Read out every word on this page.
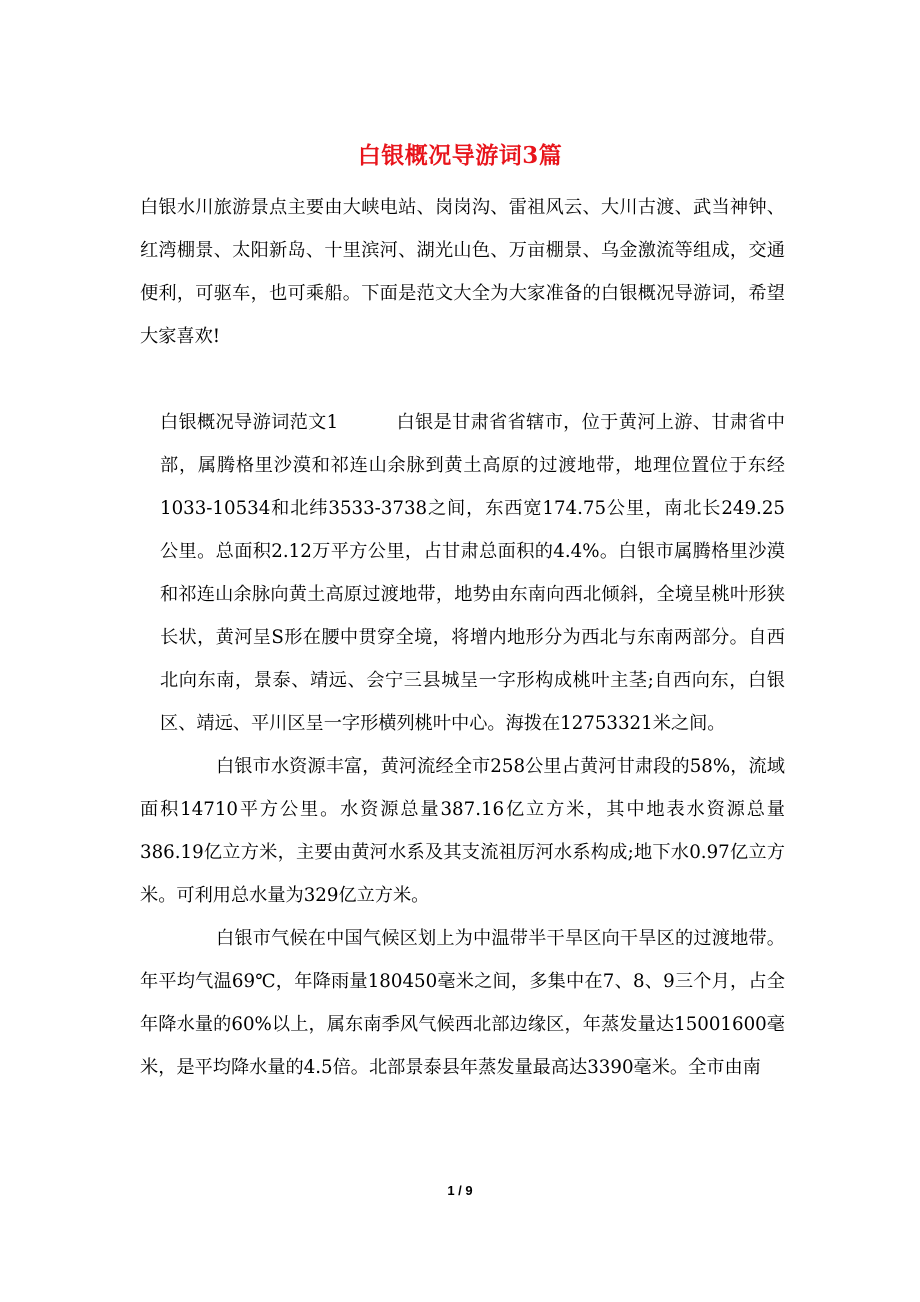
白银概况导游词3篇

白银水川旅游景点主要由大峡电站、岗岗沟、雷祖风云、大川古渡、武当神钟、红湾棚景、太阳新岛、十里滨河、湖光山色、万亩棚景、乌金激流等组成，交通便利，可驱车，也可乘船。下面是范文大全为大家准备的白银概况导游词，希望大家喜欢!

白银概况导游词范文1	白银是甘肃省省辖市，位于黄河上游、甘肃省中部，属腾格里沙漠和祁连山余脉到黄土高原的过渡地带，地理位置位于东经1033-10534和北纬3533-3738之间，东西宽174.75公里，南北长249.25公里。总面积2.12万平方公里，占甘肃总面积的4.4%。白银市属腾格里沙漠和祁连山余脉向黄土高原过渡地带，地势由东南向西北倾斜，全境呈桃叶形狭长状，黄河呈S形在腰中贯穿全境，将增内地形分为西北与东南两部分。自西北向东南，景泰、靖远、会宁三县城呈一字形构成桃叶主茎;自西向东，白银区、靖远、平川区呈一字形横列桃叶中心。海拨在12753321米之间。

白银市水资源丰富，黄河流经全市258公里占黄河甘肃段的58%，流域面积14710平方公里。水资源总量387.16亿立方米，其中地表水资源总量386.19亿立方米，主要由黄河水系及其支流祖厉河水系构成;地下水0.97亿立方米。可利用总水量为329亿立方米。

白银市气候在中国气候区划上为中温带半干旱区向干旱区的过渡地带。年平均气温69℃，年降雨量180450毫米之间，多集中在7、8、9三个月，占全年降水量的60%以上，属东南季风气候西北部边缘区，年蒸发量达15001600毫米，是平均降水量的4.5倍。北部景泰县年蒸发量最高达3390毫米。全市由南

1 / 9
